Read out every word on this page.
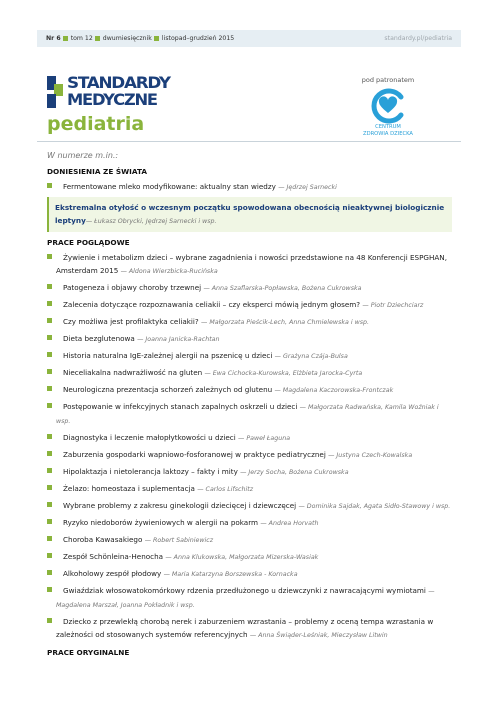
Nr 6 tom 12 dwumiesięcznik listopad–grudzień 2015	standardy.pl/pediatria
STANDARDY
MEDYCZNE
pediatria
pod patronatem
CENTRUM
ZDROWIA DZIECKA
W numerze m.in.:
DONIESIENIA ZE ŚWIATA
Fermentowane mleko modyfikowane: aktualny stan wiedzy — Jędrzej Sarnecki
Ekstremalna otyłość o wczesnym początku spowodowana obecnością nieaktywnej biologicznie leptyny— Łukasz Obrycki, Jędrzej Sarnecki i wsp.
PRACE POGLĄDOWE
Żywienie i metabolizm dzieci – wybrane zagadnienia i nowości przedstawione na 48 Konferencji ESPGHAN, Amsterdam 2015 — Aldona Wierzbicka-Rucińska
Patogeneza i objawy choroby trzewnej — Anna Szaflarska-Popławska, Bożena Cukrowska
Zalecenia dotyczące rozpoznawania celiakii – czy eksperci mówią jednym głosem? — Piotr Dziechciarz
Czy możliwa jest profilaktyka celiakii? — Małgorzata Pieścik-Lech, Anna Chmielewska i wsp.
Dieta bezglutenowa — Joanna Janicka-Rachtan
Historia naturalna IgE-zależnej alergii na pszenicę u dzieci — Grażyna Czája-Bulsa
Nieceliakalna nadwrażliwość na gluten — Ewa Cichocka-Kurowska, Elżbieta Jarocka-Cyrta
Neurologiczna prezentacja schorzeń zależnych od glutenu — Magdalena Kaczorowska-Frontczak
Postępowanie w infekcyjnych stanach zapalnych oskrzeli u dzieci — Małgorzata Radwańska, Kamila Woźniak i wsp.
Diagnostyka i leczenie małopłytkowości u dzieci — Paweł Łaguna
Zaburzenia gospodarki wapniowo-fosforanowej w praktyce pediatrycznej — Justyna Czech-Kowalska
Hipolaktazja i nietolerancja laktozy – fakty i mity — Jerzy Socha, Bożena Cukrowska
Żelazo: homeostaza i suplementacja — Carlos Lifschitz
Wybrane problemy z zakresu ginekologii dziecięcej i dziewczęcej — Dominika Sajdak, Agata Sidło-Stawowy i wsp.
Ryzyko niedoborów żywieniowych w alergii na pokarm — Andrea Horvath
Choroba Kawasakiego — Robert Sabiniewicz
Zespół Schönleina-Henocha — Anna Klukowska, Małgorzata Mizerska-Wasiak
Alkoholowy zespół płodowy — Maria Katarzyna Borszewska - Kornacka
Gwiaździak włosowatokomórkowy rdzenia przedłużonego u dziewczynki z nawracającymi wymiotami — Magdalena Marszał, Joanna Pokładnik i wsp.
Dziecko z przewlekłą chorobą nerek i zaburzeniem wzrastania – problemy z oceną tempa wzrastania w zależności od stosowanych systemów referencyjnych — Anna Świąder-Leśniak, Mieczysław Litwin
PRACE ORYGINALNE
